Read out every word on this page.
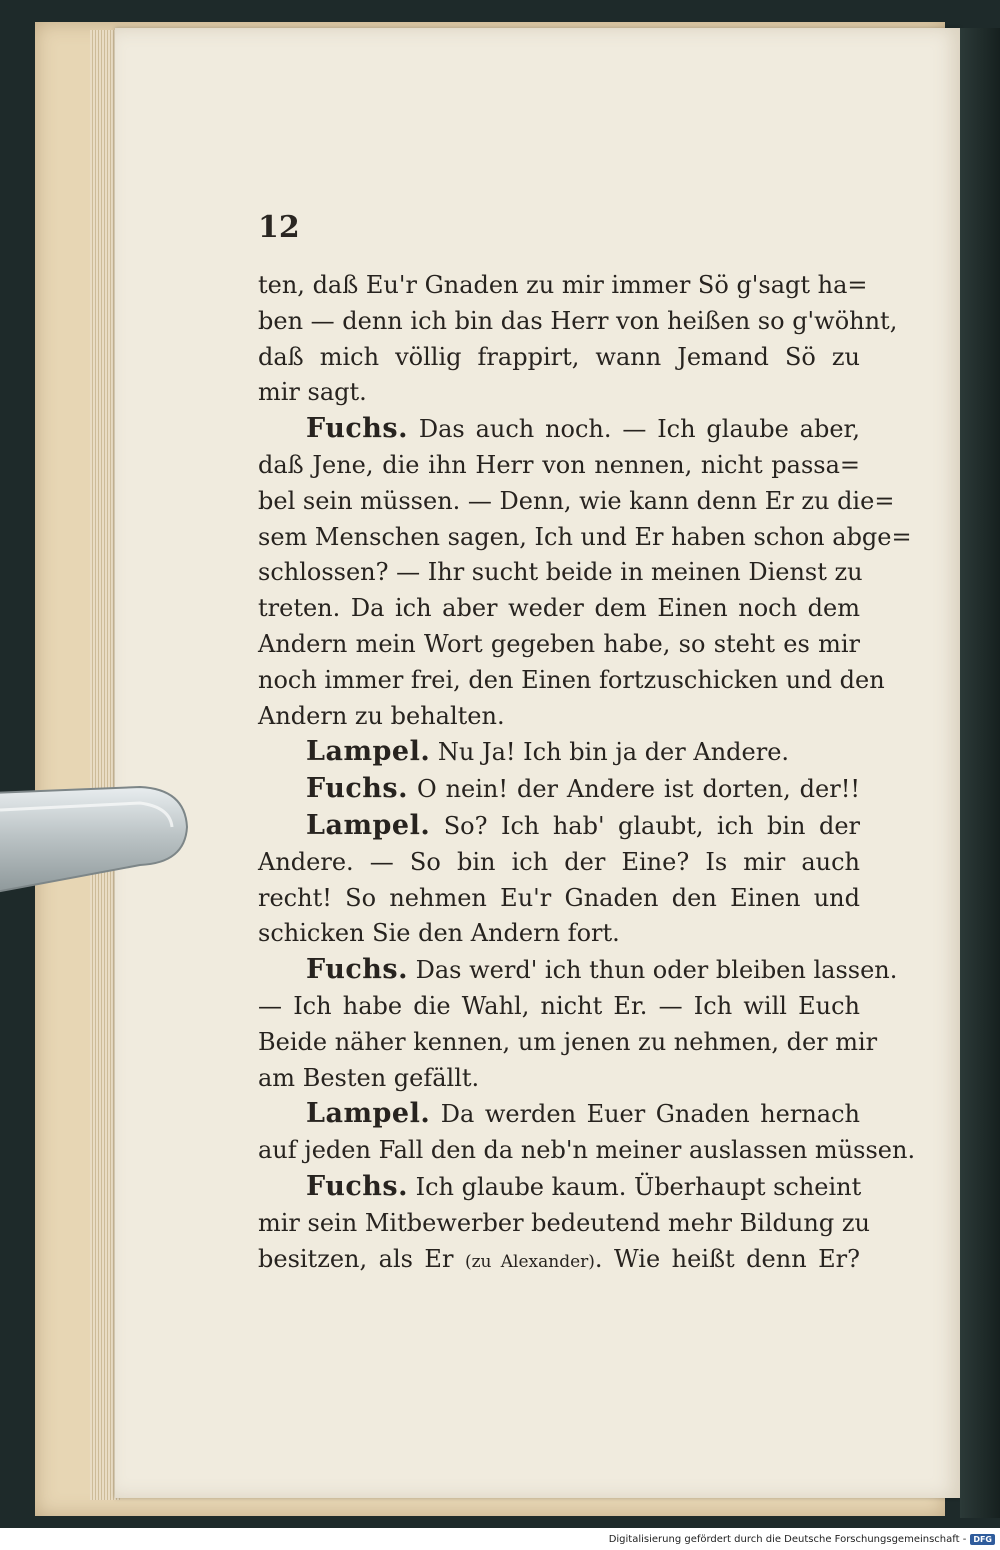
12
ten, daß Eu'r Gnaden zu mir immer Sö g'sagt ha=
ben — denn ich bin das Herr von heißen so g'wöhnt,
daß mich völlig frappirt, wann Jemand Sö zu
mir sagt.
Fuchs. Das auch noch. — Ich glaube aber,
daß Jene, die ihn Herr von nennen, nicht passa=
bel sein müssen. — Denn, wie kann denn Er zu die=
sem Menschen sagen, Ich und Er haben schon abge=
schlossen? — Ihr sucht beide in meinen Dienst zu
treten. Da ich aber weder dem Einen noch dem
Andern mein Wort gegeben habe, so steht es mir
noch immer frei, den Einen fortzuschicken und den
Andern zu behalten.
Lampel. Nu Ja! Ich bin ja der Andere.
Fuchs. O nein! der Andere ist dorten, der!!
Lampel. So? Ich hab' glaubt, ich bin der
Andere. — So bin ich der Eine? Is mir auch
recht! So nehmen Eu'r Gnaden den Einen und
schicken Sie den Andern fort.
Fuchs. Das werd' ich thun oder bleiben lassen.
— Ich habe die Wahl, nicht Er. — Ich will Euch
Beide näher kennen, um jenen zu nehmen, der mir
am Besten gefällt.
Lampel. Da werden Euer Gnaden hernach
auf jeden Fall den da neb'n meiner auslassen müssen.
Fuchs. Ich glaube kaum. Überhaupt scheint
mir sein Mitbewerber bedeutend mehr Bildung zu
besitzen, als Er (zu Alexander). Wie heißt denn Er?
Digitalisierung gefördert durch die Deutsche Forschungsgemeinschaft - DFG
